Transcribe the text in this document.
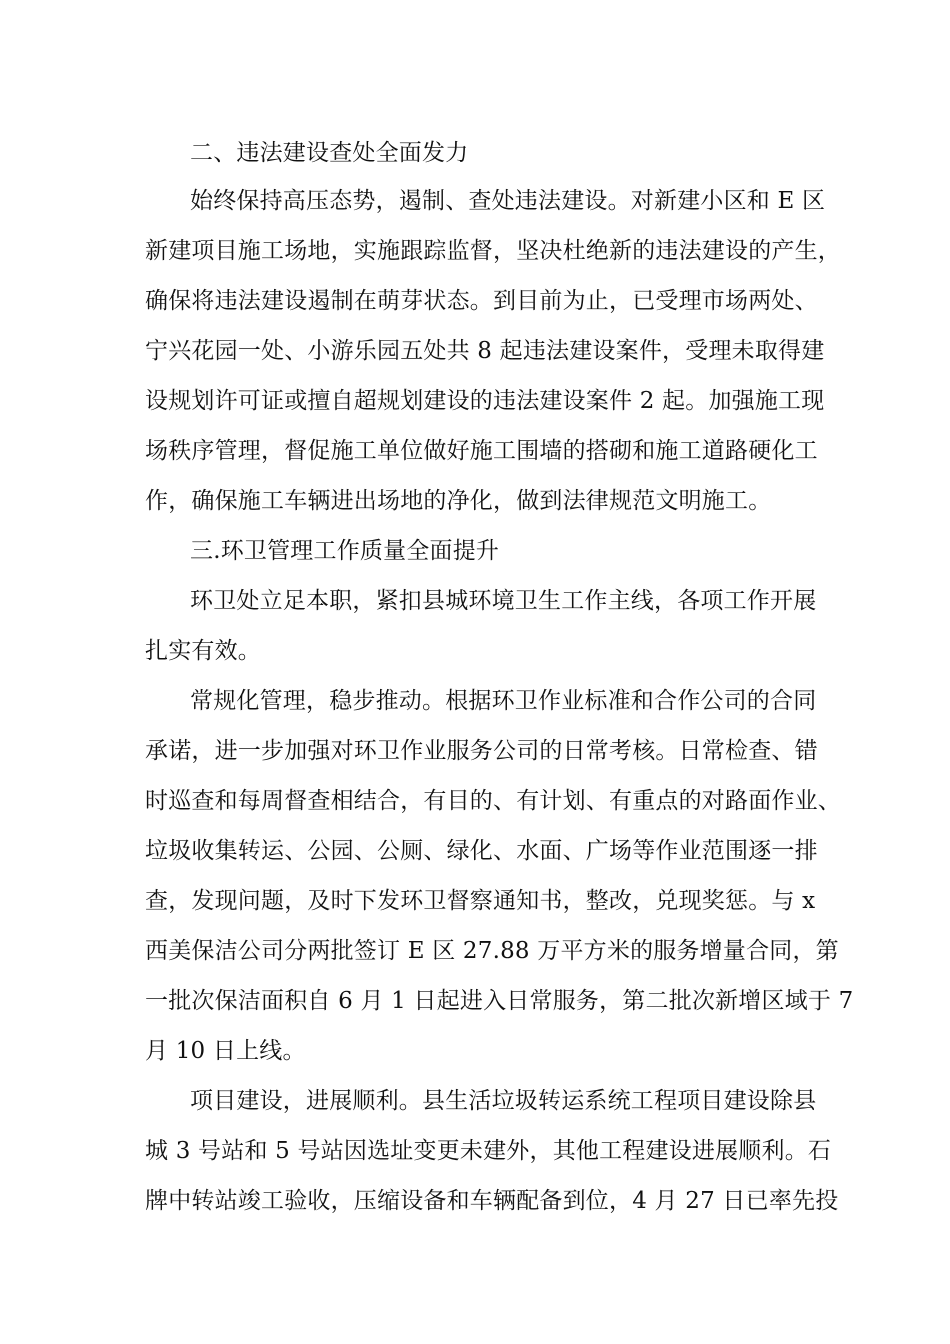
二、违法建设查处全面发力
始终保持高压态势，遏制、查处违法建设。对新建小区和 E 区
新建项目施工场地，实施跟踪监督，坚决杜绝新的违法建设的产生，
确保将违法建设遏制在萌芽状态。到目前为止，已受理市场两处、
宁兴花园一处、小游乐园五处共 8 起违法建设案件，受理未取得建
设规划许可证或擅自超规划建设的违法建设案件 2 起。加强施工现
场秩序管理，督促施工单位做好施工围墙的搭砌和施工道路硬化工
作，确保施工车辆进出场地的净化，做到法律规范文明施工。
三.环卫管理工作质量全面提升
环卫处立足本职，紧扣县城环境卫生工作主线，各项工作开展
扎实有效。
常规化管理，稳步推动。根据环卫作业标准和合作公司的合同
承诺，进一步加强对环卫作业服务公司的日常考核。日常检查、错
时巡查和每周督查相结合，有目的、有计划、有重点的对路面作业、
垃圾收集转运、公园、公厕、绿化、水面、广场等作业范围逐一排
查，发现问题，及时下发环卫督察通知书，整改，兑现奖惩。与 x
西美保洁公司分两批签订 E 区 27.88 万平方米的服务增量合同，第
一批次保洁面积自 6 月 1 日起进入日常服务，第二批次新增区域于 7
月 10 日上线。
项目建设，进展顺利。县生活垃圾转运系统工程项目建设除县
城 3 号站和 5 号站因选址变更未建外，其他工程建设进展顺利。石
牌中转站竣工验收，压缩设备和车辆配备到位，4 月 27 日已率先投
